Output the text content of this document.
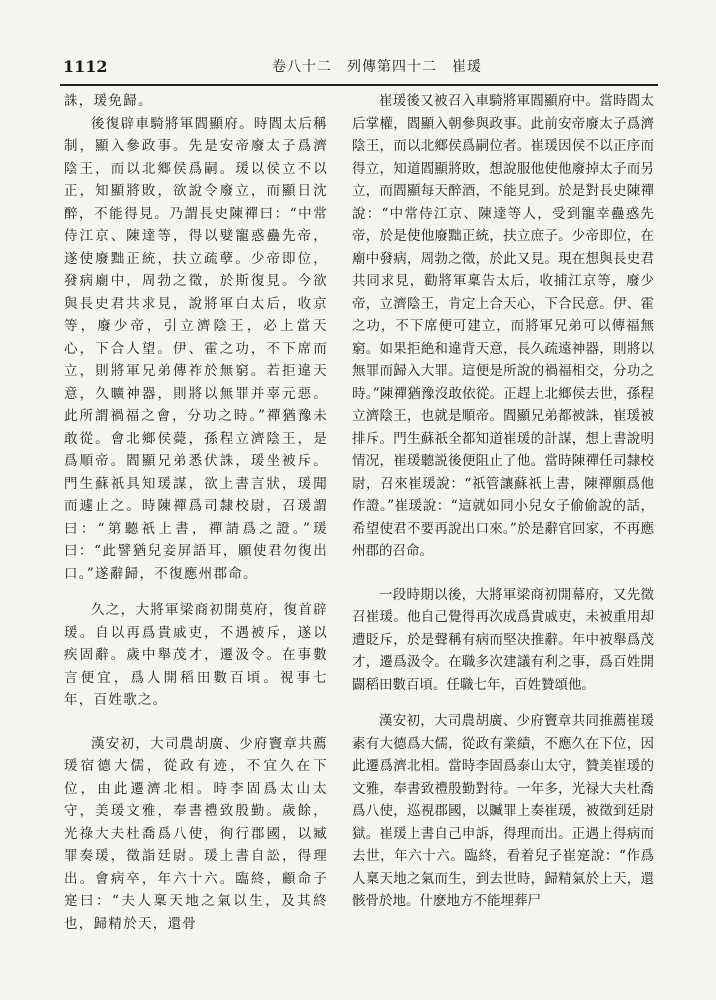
1112	卷八十二　列傳第四十二　崔瑗

誅，瑗免歸。

後復辟車騎將軍閻顯府。時閻太后稱制，顯入參政事。先是安帝廢太子爲濟陰王，而以北鄉侯爲嗣。瑗以侯立不以正，知顯將敗，欲說令廢立，而顯日沈醉，不能得見。乃謂長史陳禪曰：“中常侍江京、陳達等，得以嬖寵惑蠱先帝，遂使廢黜正統，扶立疏孽。少帝即位，發病廟中，周勃之徵，於斯復見。今欲與長史君共求見，說將軍白太后，收京等，廢少帝，引立濟陰王，必上當天心，下合人望。伊、霍之功，不下席而立，則將軍兄弟傳祚於無窮。若拒違天意，久曠神器，則將以無罪并辜元惡。此所謂禍福之會，分功之時。”禪猶豫未敢從。會北鄉侯薨，孫程立濟陰王，是爲順帝。閻顯兄弟悉伏誅，瑗坐被斥。門生蘇祇具知瑗謀，欲上書言狀，瑗聞而遽止之。時陳禪爲司隸校尉，召瑗謂曰：“第聽祇上書，禪請爲之證。”瑗曰：“此譬猶兒妾屏語耳，願使君勿復出口。”遂辭歸，不復應州郡命。

久之，大將軍梁商初開莫府，復首辟瑗。自以再爲貴戚吏，不遇被斥，遂以疾固辭。歲中舉茂才，遷汲令。在事數言便宜，爲人開稻田數百頃。視事七年，百姓歌之。

漢安初，大司農胡廣、少府竇章共薦瑗宿德大儒，從政有迹，不宜久在下位，由此遷濟北相。時李固爲太山太守，美瑗文雅，奉書禮致殷勤。歲餘，光祿大夫杜喬爲八使，徇行郡國，以臧罪奏瑗，徵詣廷尉。瑗上書自訟，得理出。會病卒，年六十六。臨終，顧命子寔曰：“夫人稟天地之氣以生，及其終也，歸精於天，還骨

崔瑗後又被召入車騎將軍閻顯府中。當時閻太后掌權，閻顯入朝參與政事。此前安帝廢太子爲濟陰王，而以北鄉侯爲嗣位者。崔瑗因侯不以正序而得立，知道閻顯將敗，想說服他使他廢掉太子而另立，而閻顯每天醉酒，不能見到。於是對長史陳禪說：“中常侍江京、陳達等人，受到寵幸蠱惑先帝，於是使他廢黜正統，扶立庶子。少帝即位，在廟中發病，周勃之徵，於此又見。現在想與長史君共同求見，勸將軍稟告太后，收捕江京等，廢少帝，立濟陰王，肯定上合天心，下合民意。伊、霍之功，不下席便可建立，而將軍兄弟可以傳福無窮。如果拒絶和違背天意，長久疏遠神器，則將以無罪而歸入大罪。這便是所說的禍福相交，分功之時。”陳禪猶豫沒敢依從。正趕上北鄉侯去世，孫程立濟陰王，也就是順帝。閻顯兄弟都被誅，崔瑗被排斥。門生蘇祇全都知道崔瑗的計謀，想上書說明情况，崔瑗聽説後便阻止了他。當時陳禪任司隸校尉，召來崔瑗說：“祇管讓蘇祇上書，陳禪願爲他作證。”崔瑗說：“這就如同小兒女子偷偷說的話，希望使君不要再說出口來。”於是辭官回家，不再應州郡的召命。

一段時期以後，大將軍梁商初開幕府，又先徵召崔瑗。他自己覺得再次成爲貴戚吏，未被重用却遭貶斥，於是聲稱有病而堅决推辭。年中被舉爲茂才，遷爲汲令。在職多次建議有利之事，爲百姓開闢稻田數百頃。任職七年，百姓贊頌他。

漢安初，大司農胡廣、少府竇章共同推薦崔瑗素有大德爲大儒，從政有業績，不應久在下位，因此遷爲濟北相。當時李固爲泰山太守，贊美崔瑗的文雅，奉書致禮殷勤對待。一年多，光禄大夫杜喬爲八使，巡視郡國，以贓罪上奏崔瑗，被徵到廷尉獄。崔瑗上書自己申訴，得理而出。正遇上得病而去世，年六十六。臨終，看着兒子崔寔說：“作爲人稟天地之氣而生，到去世時，歸精氣於上天，還骸骨於地。什麽地方不能埋葬尸
